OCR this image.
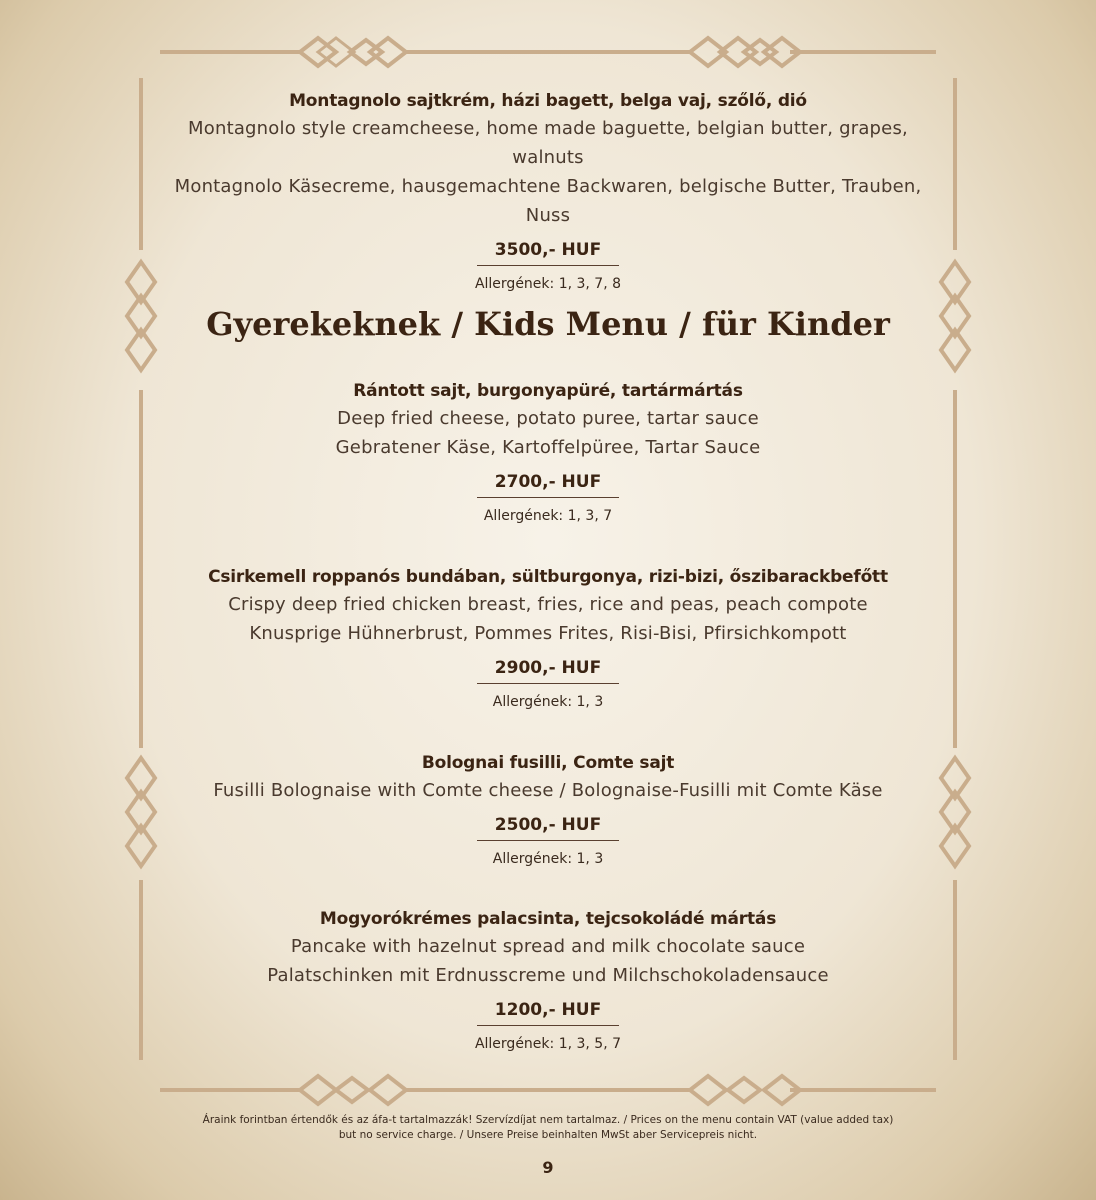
Montagnolo sajtkrém, házi bagett, belga vaj, szőlő, dió
Montagnolo style creamcheese, home made baguette, belgian butter, grapes, walnuts
Montagnolo Käsecreme, hausgemachtene Backwaren, belgische Butter, Trauben, Nuss
3500,- HUF
Allergének: 1, 3, 7, 8
Gyerekeknek / Kids Menu / für Kinder
Rántott sajt, burgonyapüré, tartármártás
Deep fried cheese, potato puree, tartar sauce
Gebratener Käse, Kartoffelpüree, Tartar Sauce
2700,- HUF
Allergének: 1, 3, 7
Csirkemell roppanós bundában, sültburgonya, rizi-bizi, őszibarackbefőtt
Crispy deep fried chicken breast, fries, rice and peas, peach compote
Knusprige Hühnerbrust, Pommes Frites, Risi-Bisi, Pfirsichkompott
2900,- HUF
Allergének: 1, 3
Bolognai fusilli, Comte sajt
Fusilli Bolognaise with Comte cheese / Bolognaise-Fusilli mit Comte Käse
2500,- HUF
Allergének: 1, 3
Mogyorókrémes palacsinta, tejcsokoládé mártás
Pancake with hazelnut spread and milk chocolate sauce
Palatschinken mit Erdnusscreme und Milchschokoladensauce
1200,- HUF
Allergének: 1, 3, 5, 7
Áraink forintban értendők és az áfa-t tartalmazzák! Szervízdíjat nem tartalmaz. / Prices on the menu contain VAT (value added tax)
but no service charge. / Unsere Preise beinhalten MwSt aber Servicepreis nicht.
9
